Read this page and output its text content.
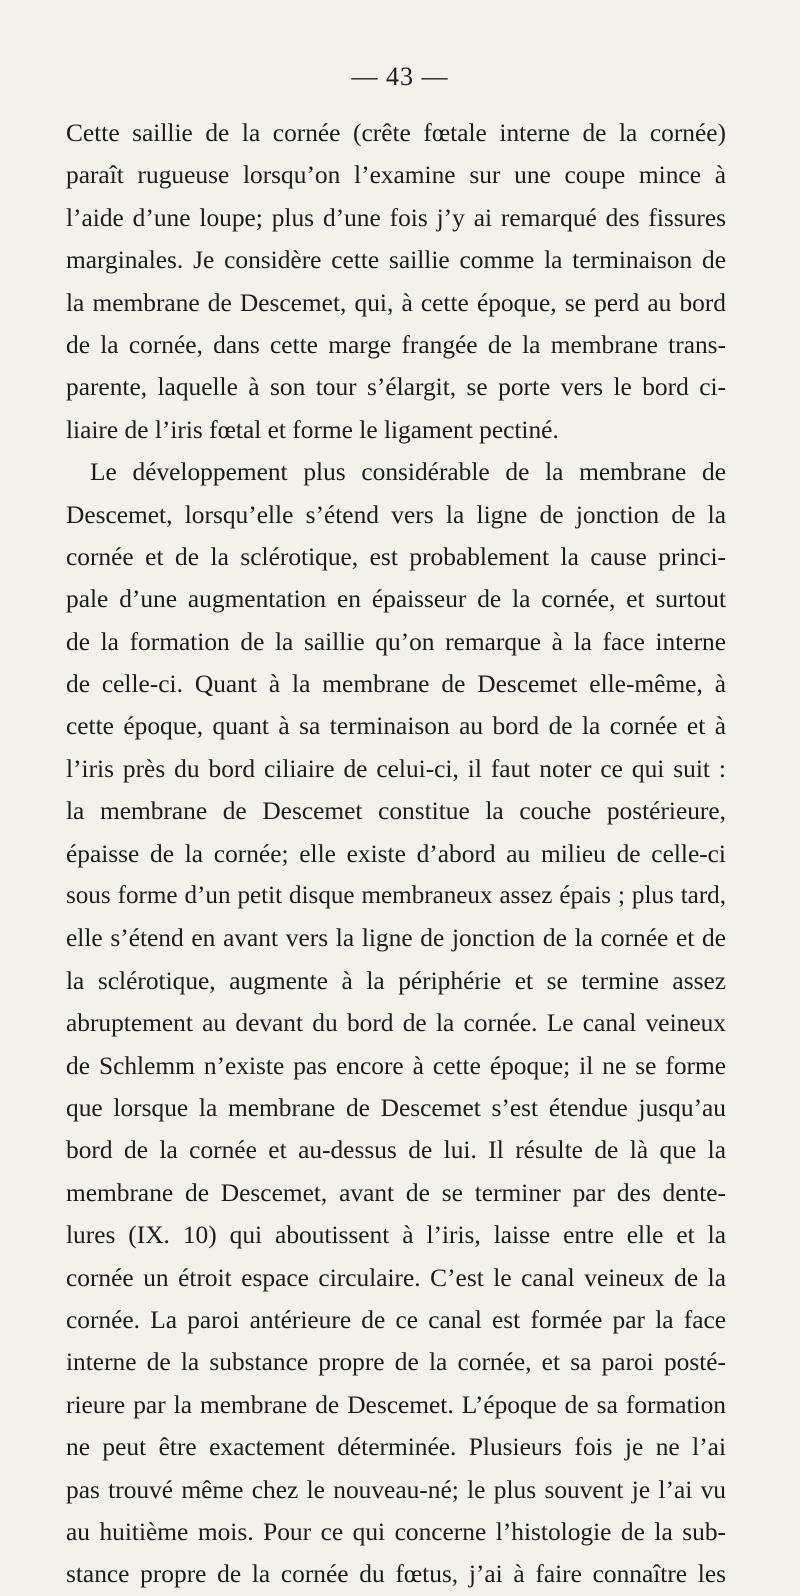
— 43 —
Cette saillie de la cornée (crête fœtale interne de la cornée)
paraît rugueuse lorsqu’on l’examine sur une coupe mince à
l’aide d’une loupe; plus d’une fois j’y ai remarqué des fissures
marginales. Je considère cette saillie comme la terminaison de
la membrane de Descemet, qui, à cette époque, se perd au bord
de la cornée, dans cette marge frangée de la membrane trans-
parente, laquelle à son tour s’élargit, se porte vers le bord ci-
liaire de l’iris fœtal et forme le ligament pectiné.
Le développement plus considérable de la membrane de
Descemet, lorsqu’elle s’étend vers la ligne de jonction de la
cornée et de la sclérotique, est probablement la cause princi-
pale d’une augmentation en épaisseur de la cornée, et surtout
de la formation de la saillie qu’on remarque à la face interne
de celle-ci. Quant à la membrane de Descemet elle-même, à
cette époque, quant à sa terminaison au bord de la cornée et à
l’iris près du bord ciliaire de celui-ci, il faut noter ce qui suit :
la membrane de Descemet constitue la couche postérieure,
épaisse de la cornée; elle existe d’abord au milieu de celle-ci
sous forme d’un petit disque membraneux assez épais ; plus tard,
elle s’étend en avant vers la ligne de jonction de la cornée et de
la sclérotique, augmente à la périphérie et se termine assez
abruptement au devant du bord de la cornée. Le canal veineux
de Schlemm n’existe pas encore à cette époque; il ne se forme
que lorsque la membrane de Descemet s’est étendue jusqu’au
bord de la cornée et au-dessus de lui. Il résulte de là que la
membrane de Descemet, avant de se terminer par des dente-
lures (IX. 10) qui aboutissent à l’iris, laisse entre elle et la
cornée un étroit espace circulaire. C’est le canal veineux de la
cornée. La paroi antérieure de ce canal est formée par la face
interne de la substance propre de la cornée, et sa paroi posté-
rieure par la membrane de Descemet. L’époque de sa formation
ne peut être exactement déterminée. Plusieurs fois je ne l’ai
pas trouvé même chez le nouveau-né; le plus souvent je l’ai vu
au huitième mois. Pour ce qui concerne l’histologie de la sub-
stance propre de la cornée du fœtus, j’ai à faire connaître les
